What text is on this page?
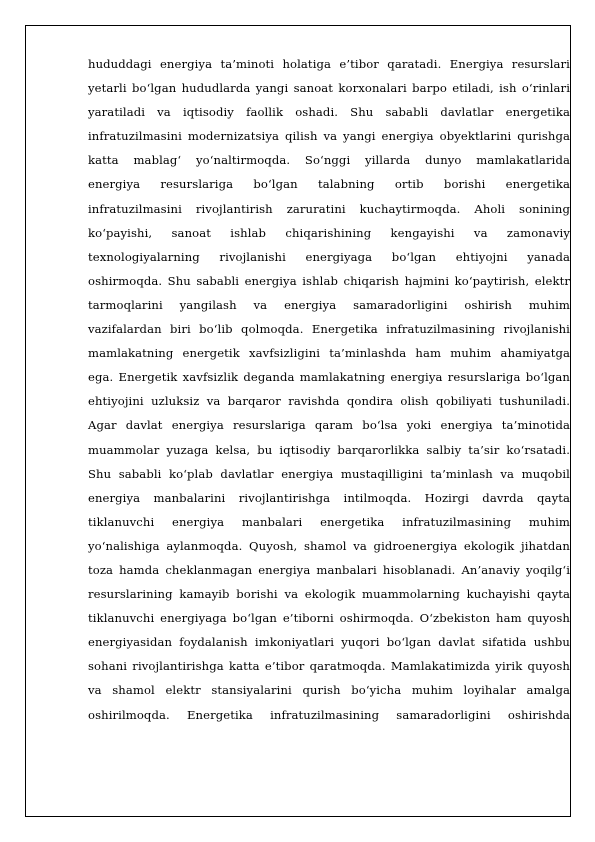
hududdagi energiya ta’minoti holatiga e’tibor qaratadi. Energiya resurslari
yetarli bo‘lgan hududlarda yangi sanoat korxonalari barpo etiladi, ish o‘rinlari
yaratiladi va iqtisodiy faollik oshadi. Shu sababli davlatlar energetika
infratuzilmasini modernizatsiya qilish va yangi energiya obyektlarini qurishga
katta mablag‘ yo‘naltirmoqda. So‘nggi yillarda dunyo mamlakatlarida
energiya resurslariga bo‘lgan talabning ortib borishi energetika
infratuzilmasini rivojlantirish zaruratini kuchaytirmoqda. Aholi sonining
ko‘payishi, sanoat ishlab chiqarishining kengayishi va zamonaviy
texnologiyalarning rivojlanishi energiyaga bo‘lgan ehtiyojni yanada
oshirmoqda. Shu sababli energiya ishlab chiqarish hajmini ko‘paytirish, elektr
tarmoqlarini yangilash va energiya samaradorligini oshirish muhim
vazifalardan biri bo‘lib qolmoqda. Energetika infratuzilmasining rivojlanishi
mamlakatning energetik xavfsizligini ta’minlashda ham muhim ahamiyatga
ega. Energetik xavfsizlik deganda mamlakatning energiya resurslariga bo‘lgan
ehtiyojini uzluksiz va barqaror ravishda qondira olish qobiliyati tushuniladi.
Agar davlat energiya resurslariga qaram bo‘lsa yoki energiya ta’minotida
muammolar yuzaga kelsa, bu iqtisodiy barqarorlikka salbiy ta’sir ko‘rsatadi.
Shu sababli ko‘plab davlatlar energiya mustaqilligini ta’minlash va muqobil
energiya manbalarini rivojlantirishga intilmoqda. Hozirgi davrda qayta
tiklanuvchi energiya manbalari energetika infratuzilmasining muhim
yo‘nalishiga aylanmoqda. Quyosh, shamol va gidroenergiya ekologik jihatdan
toza hamda cheklanmagan energiya manbalari hisoblanadi. An’anaviy yoqilg‘i
resurslarining kamayib borishi va ekologik muammolarning kuchayishi qayta
tiklanuvchi energiyaga bo‘lgan e’tiborni oshirmoqda. O‘zbekiston ham quyosh
energiyasidan foydalanish imkoniyatlari yuqori bo‘lgan davlat sifatida ushbu
sohani rivojlantirishga katta e’tibor qaratmoqda. Mamlakatimizda yirik quyosh
va shamol elektr stansiyalarini qurish bo‘yicha muhim loyihalar amalga
oshirilmoqda. Energetika infratuzilmasining samaradorligini oshirishda
